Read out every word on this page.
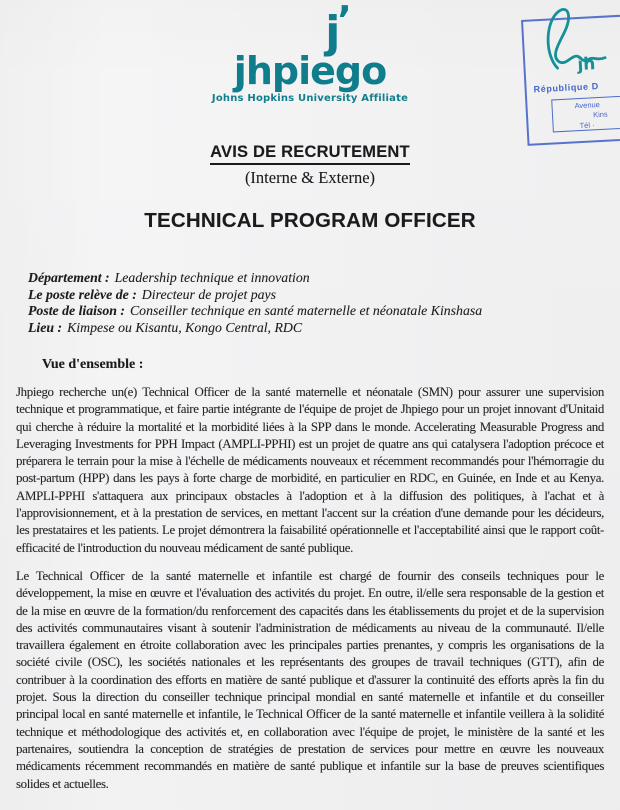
j’
jhpiego
Johns Hopkins University Affiliate
jh
République D
Avenue
Kins
Tél ·
AVIS DE RECRUTEMENT
(Interne & Externe)
TECHNICAL PROGRAM OFFICER
Département : Leadership technique et innovation
Le poste relève de : Directeur de projet pays
Poste de liaison : Conseiller technique en santé maternelle et néonatale Kinshasa
Lieu : Kimpese ou Kisantu, Kongo Central, RDC
Vue d'ensemble :

Jhpiego recherche un(e) Technical Officer de la santé maternelle et néonatale (SMN) pour assurer une supervision technique et programmatique, et faire partie intégrante de l'équipe de projet de Jhpiego pour un projet innovant d'Unitaid qui cherche à réduire la mortalité et la morbidité liées à la SPP dans le monde. Accelerating Measurable Progress and Leveraging Investments for PPH Impact (AMPLI-PPHI) est un projet de quatre ans qui catalysera l'adoption précoce et préparera le terrain pour la mise à l'échelle de médicaments nouveaux et récemment recommandés pour l'hémorragie du post-partum (HPP) dans les pays à forte charge de morbidité, en particulier en RDC, en Guinée, en Inde et au Kenya. AMPLI-PPHI s'attaquera aux principaux obstacles à l'adoption et à la diffusion des politiques, à l'achat et à l'approvisionnement, et à la prestation de services, en mettant l'accent sur la création d'une demande pour les décideurs, les prestataires et les patients. Le projet démontrera la faisabilité opérationnelle et l'acceptabilité ainsi que le rapport coût-efficacité de l'introduction du nouveau médicament de santé publique.

Le Technical Officer de la santé maternelle et infantile est chargé de fournir des conseils techniques pour le développement, la mise en œuvre et l'évaluation des activités du projet. En outre, il/elle sera responsable de la gestion et de la mise en œuvre de la formation/du renforcement des capacités dans les établissements du projet et de la supervision des activités communautaires visant à soutenir l'administration de médicaments au niveau de la communauté. Il/elle travaillera également en étroite collaboration avec les principales parties prenantes, y compris les organisations de la société civile (OSC), les sociétés nationales et les représentants des groupes de travail techniques (GTT), afin de contribuer à la coordination des efforts en matière de santé publique et d'assurer la continuité des efforts après la fin du projet. Sous la direction du conseiller technique principal mondial en santé maternelle et infantile et du conseiller principal local en santé maternelle et infantile, le Technical Officer de la santé maternelle et infantile veillera à la solidité technique et méthodologique des activités et, en collaboration avec l'équipe de projet, le ministère de la santé et les partenaires, soutiendra la conception de stratégies de prestation de services pour mettre en œuvre les nouveaux médicaments récemment recommandés en matière de santé publique et infantile sur la base de preuves scientifiques solides et actuelles.
